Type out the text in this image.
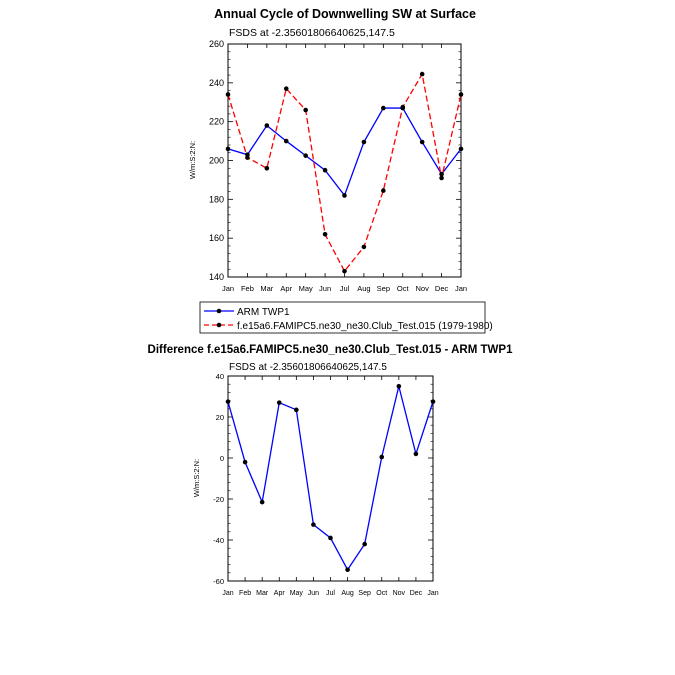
Annual Cycle of Downwelling SW at Surface
FSDS at -2.35601806640625,147.5
W/m:S:2:N:
Jan Feb Mar Apr May Jun Jul Aug Sep Oct Nov Dec Jan
140
160
180
200
220
240
260
ARM TWP1
f.e15a6.FAMIPC5.ne30_ne30.Club_Test.015 (1979-1980)
Difference f.e15a6.FAMIPC5.ne30_ne30.Club_Test.015 - ARM TWP1
FSDS at -2.35601806640625,147.5
W/m:S:2:N:
Jan Feb Mar Apr May Jun Jul Aug Sep Oct Nov Dec Jan
-60
-40
-20
0
20
40
